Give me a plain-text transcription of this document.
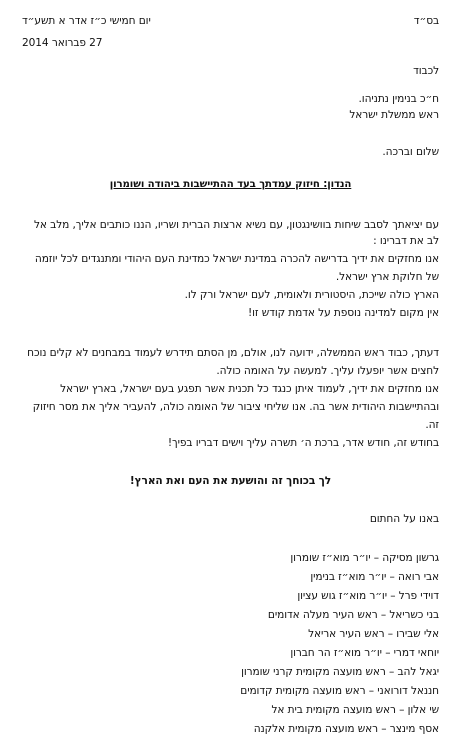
יום חמישי כ״ז אדר א תשע״ד	בס״ד
27 פברואר 2014
לכבוד
ח״כ בנימין נתניהו.
ראש ממשלת ישראל
שלום וברכה.
הנדון: חיזוק עמדתך בעד ההתיישבות ביהודה ושומרון
עם יציאתך לסבב שיחות בוושינגטון, עם נשיא ארצות הברית ושריו, הננו כותבים אליך, מלב אל
לב את דברינו :
אנו מחזקים את ידיך בדרישה להכרה במדינת ישראל כמדינת העם היהודי ומתנגדים לכל יוזמה
של חלוקת ארץ ישראל.
הארץ כולה שייכת, היסטורית ולאומית, לעם ישראל ורק לו.
אין מקום למדינה נוספת על אדמת קודש זו!
דעתך, כבוד ראש הממשלה, ידועה לנו, אולם, מן הסתם תידרש לעמוד במבחנים לא קלים נוכח
לחצים אשר יופעלו עליך. למעשה על האומה כולה.
אנו מחזקים את ידיך, לעמוד איתן כנגד כל תכנית אשר תפגע בעם ישראל, בארץ ישראל
ובהתיישבות היהודית אשר בה. אנו שליחי ציבור של האומה כולה, להעביר אליך את מסר חיזוק
זה.
בחודש זה, חודש אדר, ברכת ה׳ תשרה עליך וישים דבריו בפיך!
לך בכוחך זה והושעת את העם ואת הארץ!
באנו על החתום
גרשון מסיקה – יו״ר מוא״ז שומרון
אבי רואה – יו״ר מוא״ז בנימין
דוידי פרל – יו״ר מוא״ז גוש עציון
בני כשריאל – ראש העיר מעלה אדומים
אלי שבירו – ראש העיר אריאל
יוחאי דמרי – יו״ר מוא״ז הר חברון
יגאל להב – ראש מועצה מקומית קרני שומרון
חננאל דורואני – ראש מועצה מקומית קדומים
שי אלון – ראש מועצה מקומית בית אל
אסף מינצר – ראש מועצה מקומית אלקנה
